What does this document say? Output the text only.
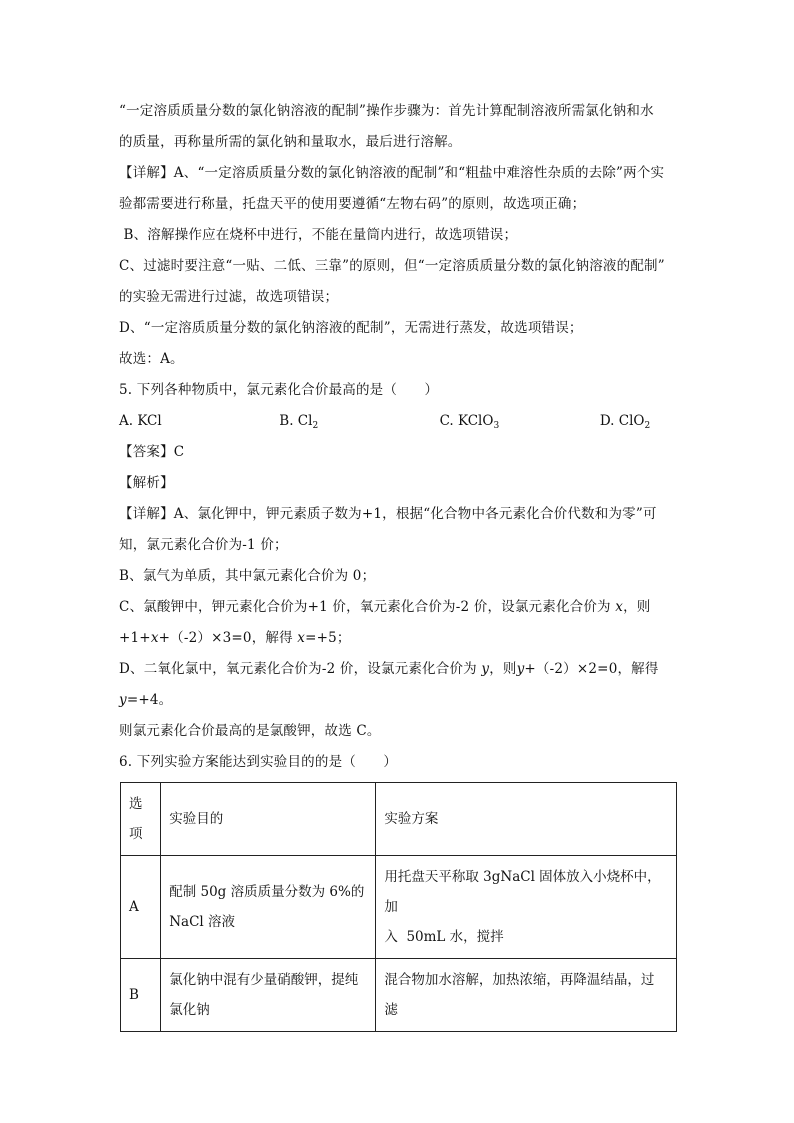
“一定溶质质量分数的氯化钠溶液的配制”操作步骤为：首先计算配制溶液所需氯化钠和水
的质量，再称量所需的氯化钠和量取水，最后进行溶解。
【详解】A、“一定溶质质量分数的氯化钠溶液的配制”和“粗盐中难溶性杂质的去除”两个实
验都需要进行称量，托盘天平的使用要遵循“左物右码”的原则，故选项正确；
B、溶解操作应在烧杯中进行，不能在量筒内进行，故选项错误；
C、过滤时要注意“一贴、二低、三靠”的原则，但“一定溶质质量分数的氯化钠溶液的配制”
的实验无需进行过滤，故选项错误；
D、“一定溶质质量分数的氯化钠溶液的配制”，无需进行蒸发，故选项错误；
故选：A。
5. 下列各种物质中，氯元素化合价最高的是（　　）
A. KCl	B. $Cl_2$	C. KClO$_3$	D. ClO$_2$
【答案】C
【解析】
【详解】A、氯化钾中，钾元素质子数为+1，根据“化合物中各元素化合价代数和为零”可
知，氯元素化合价为-1 价；
B、氯气为单质，其中氯元素化合价为 0；
C、氯酸钾中，钾元素化合价为+1 价，氧元素化合价为-2 价，设氯元素化合价为 x，则
+1+x+（-2）×3=0，解得 x=+5；
D、二氧化氯中，氧元素化合价为-2 价，设氯元素化合价为 y，则y+（-2）×2=0，解得
y=+4。
则氯元素化合价最高的是氯酸钾，故选 C。
6. 下列实验方案能达到实验目的的是（　　）
选
项	实验目的	实验方案
A	配制 50g 溶质质量分数为 6%的
NaCl 溶液	用托盘天平称取 3gNaCl 固体放入小烧杯中，加
入  50mL 水，搅拌
B	氯化钠中混有少量硝酸钾，提纯
氯化钠	混合物加水溶解，加热浓缩，再降温结晶，过
滤
